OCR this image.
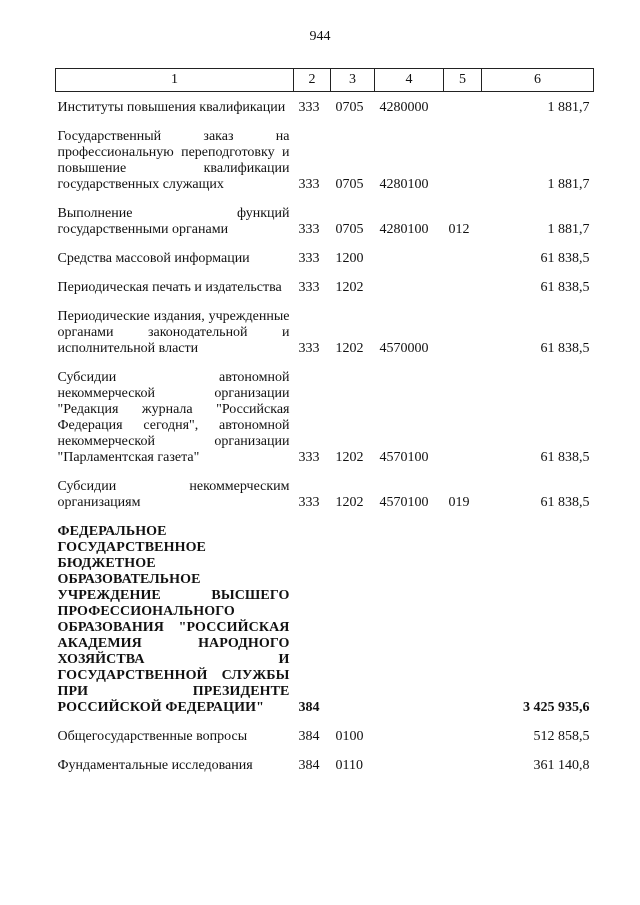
944
1	2	3	4	5	6
Институты повышения квалификации	333	0705	4280000		1 881,7
Государственный заказ на профессиональную переподготовку и повышение квалификации государственных служащих	333	0705	4280100		1 881,7
Выполнение функций государственными органами	333	0705	4280100	012	1 881,7
Средства массовой информации	333	1200			61 838,5
Периодическая печать и издательства	333	1202			61 838,5
Периодические издания, учрежденные органами законодательной и исполнительной власти	333	1202	4570000		61 838,5
Субсидии автономной некоммерческой организации "Редакция журнала "Российская Федерация сегодня", автономной некоммерческой организации "Парламентская газета"	333	1202	4570100		61 838,5
Субсидии некоммерческим организациям	333	1202	4570100	019	61 838,5
ФЕДЕРАЛЬНОЕ ГОСУДАРСТВЕННОЕ БЮДЖЕТНОЕ ОБРАЗОВАТЕЛЬНОЕ УЧРЕЖДЕНИЕ ВЫСШЕГО ПРОФЕССИОНАЛЬНОГО ОБРАЗОВАНИЯ "РОССИЙСКАЯ АКАДЕМИЯ НАРОДНОГО ХОЗЯЙСТВА И ГОСУДАРСТВЕННОЙ СЛУЖБЫ ПРИ ПРЕЗИДЕНТЕ РОССИЙСКОЙ ФЕДЕРАЦИИ"	384				3 425 935,6
Общегосударственные вопросы	384	0100			512 858,5
Фундаментальные исследования	384	0110			361 140,8
